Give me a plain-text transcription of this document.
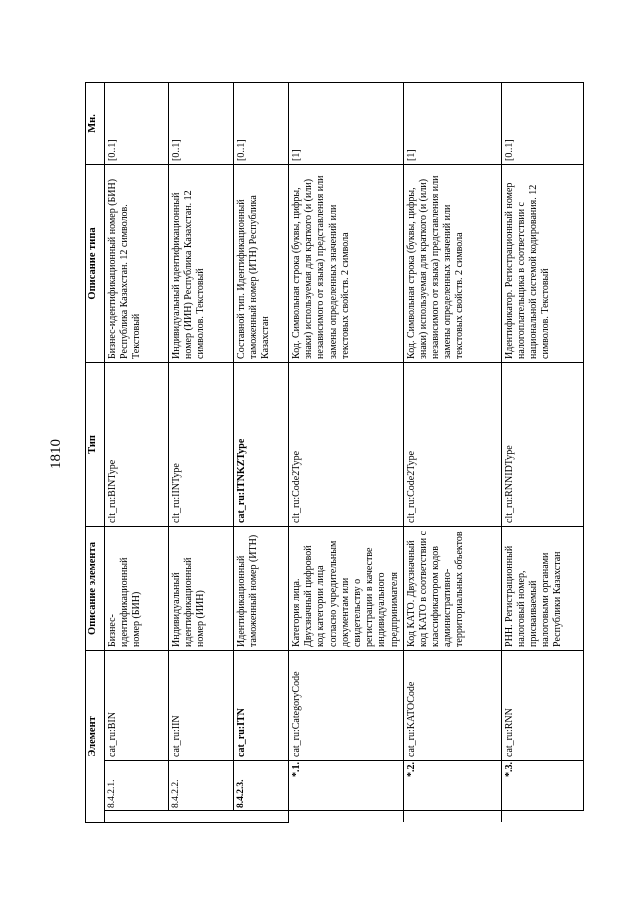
1810
Элемент			Описание элемента	Тип	Описание типа	Мн.
	8.4.2.1.	cat_ru:BIN	Бизнес-идентификационный номер (БИН)	clt_ru:BINType	Бизнес-идентификационный номер (БИН) Республика Казахстан. 12 символов. Текстовый	[0..1]
	8.4.2.2.	cat_ru:IIN	Индивидуальный идентификационный номер (ИИН)	clt_ru:IINType	Индивидуальный идентификационный номер (ИИН) Республика Казахстан. 12 символов. Текстовый	[0..1]
	8.4.2.3.	cat_ru:ITN	Идентификационный таможенный номер (ИТН)	cat_ru:ITNKZType	Составной тип. Идентификационный таможенный номер (ИТН) Республика Казахстан	[0..1]
	*.1.	cat_ru:CategoryCode	Категория лица. Двухзначный цифровой код категории лица согласно учредительным документам или свидетельству о регистрации в качестве индивидуального предпринимателя	clt_ru:Code2Type	Код. Символьная строка (буквы, цифры, знаки) используемая для краткого (и (или) независимого от языка) представления или замены определенных значений или текстовых свойств. 2 символа	[1]
	*.2.	cat_ru:KATOCode	Код КАТО. Двухзначный код КАТО в соответствии с классификатором кодов административно-территориальных объектов	clt_ru:Code2Type	Код. Символьная строка (буквы, цифры, знаки) используемая для краткого (и (или) независимого от языка) представления или замены определенных значений или текстовых свойств. 2 символа	[1]
	*.3.	cat_ru:RNN	РНН. Регистрационный налоговый номер, присваиваемый налоговыми органами Республики Казахстан	clt_ru:RNNIDType	Идентификатор. Регистрационный номер налогоплательщика в соответствии с национальной системой кодирования. 12 символов. Текстовый	[0..1]
